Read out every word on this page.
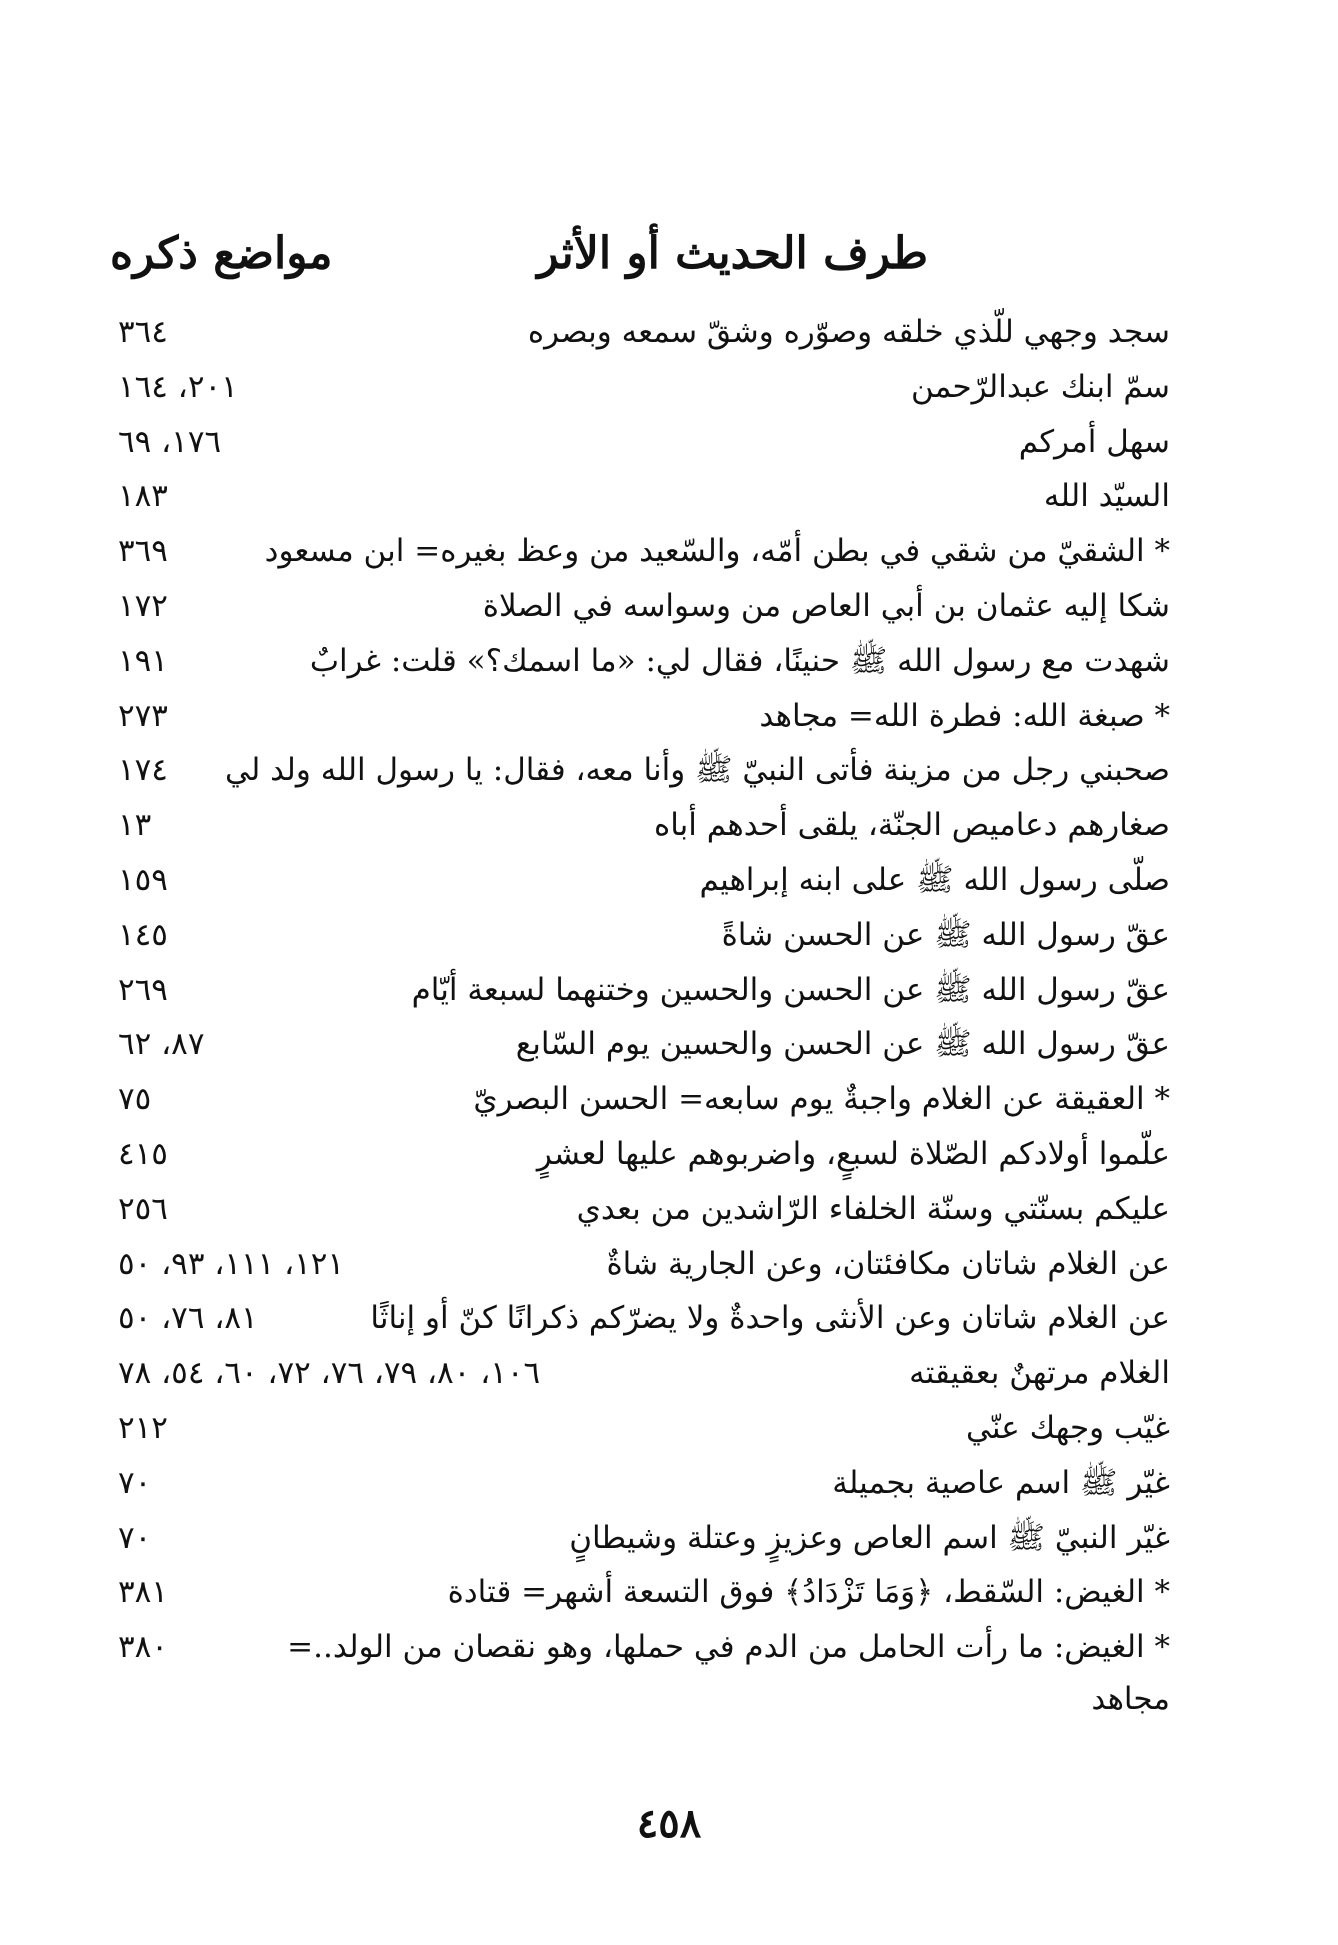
طرف الحديث أو الأثر
مواضع ذكره
سجد وجهي للّذي خلقه وصوّره وشقّ سمعه وبصره
٣٦٤
سمّ ابنك عبدالرّحمن
٢٠١، ١٦٤
سهل أمركم
١٧٦، ٦٩
السيّد الله
١٨٣
* الشقيّ من شقي في بطن أمّه، والسّعيد من وعظ بغيره= ابن مسعود
٣٦٩
شكا إليه عثمان بن أبي العاص من وسواسه في الصلاة
١٧٢
شهدت مع رسول الله ﷺ حنينًا، فقال لي: «ما اسمك؟» قلت: غرابٌ
١٩١
* صبغة الله: فطرة الله= مجاهد
٢٧٣
صحبني رجل من مزينة فأتى النبيّ ﷺ وأنا معه، فقال: يا رسول الله ولد لي
١٧٤
صغارهم دعاميص الجنّة، يلقى أحدهم أباه
١٣
صلّى رسول الله ﷺ على ابنه إبراهيم
١٥٩
عقّ رسول الله ﷺ عن الحسن شاةً
١٤٥
عقّ رسول الله ﷺ عن الحسن والحسين وختنهما لسبعة أيّام
٢٦٩
عقّ رسول الله ﷺ عن الحسن والحسين يوم السّابع
٨٧، ٦٢
* العقيقة عن الغلام واجبةٌ يوم سابعه= الحسن البصريّ
٧٥
علّموا أولادكم الصّلاة لسبعٍ، واضربوهم عليها لعشرٍ
٤١٥
عليكم بسنّتي وسنّة الخلفاء الرّاشدين من بعدي
٢٥٦
عن الغلام شاتان مكافئتان، وعن الجارية شاةٌ
١٢١، ١١١، ٩٣، ٥٠
عن الغلام شاتان وعن الأنثى واحدةٌ ولا يضرّكم ذكرانًا كنّ أو إناثًا
٨١، ٧٦، ٥٠
الغلام مرتهنٌ بعقيقته
١٠٦، ٨٠، ٧٩، ٧٦، ٧٢، ٦٠، ٥٤، ٧٨
غيّب وجهك عنّي
٢١٢
غيّر ﷺ اسم عاصية بجميلة
٧٠
غيّر النبيّ ﷺ اسم العاص وعزيزٍ وعتلة وشيطانٍ
٧٠
* الغيض: السّقط، ﴿وَمَا تَزْدَادُ﴾ فوق التسعة أشهر= قتادة
٣٨١
* الغيض: ما رأت الحامل من الدم في حملها، وهو نقصان من الولد..=
٣٨٠
مجاهد
٤٥٨
